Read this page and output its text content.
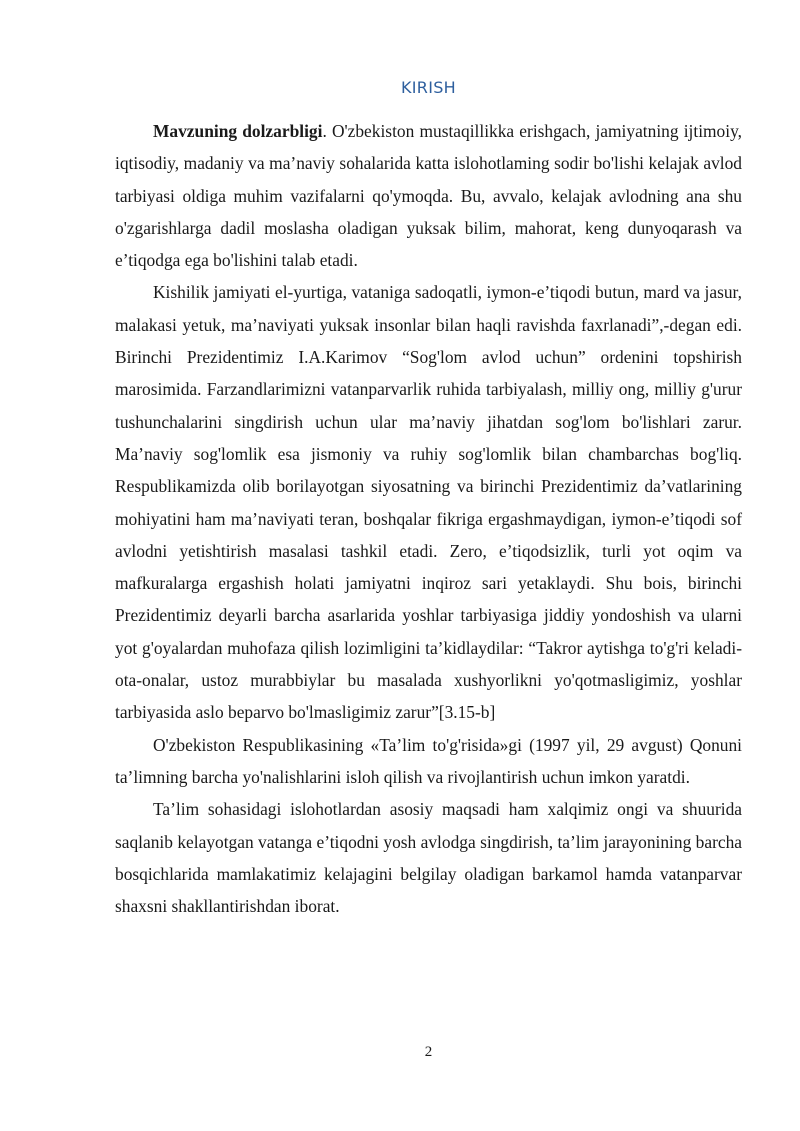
KIRISH

Mavzuning dolzarbligi. O'zbekiston mustaqillikka erishgach, jamiyatning ijtimoiy, iqtisodiy, madaniy va ma’naviy sohalarida katta islohotlaming sodir bo'lishi kelajak avlod tarbiyasi oldiga muhim vazifalarni qo'ymoqda. Bu, avvalo, kelajak avlodning ana shu o'zgarishlarga dadil moslasha oladigan yuksak bilim, mahorat, keng dunyoqarash va e’tiqodga ega bo'lishini talab etadi.

Kishilik jamiyati el-yurtiga, vataniga sadoqatli, iymon-e’tiqodi butun, mard va jasur, malakasi yetuk, ma’naviyati yuksak insonlar bilan haqli ravishda faxrlanadi”,-degan edi. Birinchi Prezidentimiz I.A.Karimov “Sog'lom avlod uchun” ordenini topshirish marosimida. Farzandlarimizni vatanparvarlik ruhida tarbiyalash, milliy ong, milliy g'urur tushunchalarini singdirish uchun ular ma’naviy jihatdan sog'lom bo'lishlari zarur. Ma’naviy sog'lomlik esa jismoniy va ruhiy sog'lomlik bilan chambarchas bog'liq. Respublikamizda olib borilayotgan siyosatning va birinchi Prezidentimiz da’vatlarining mohiyatini ham ma’naviyati teran, boshqalar fikriga ergashmaydigan, iymon-e’tiqodi sof avlodni yetishtirish masalasi tashkil etadi. Zero, e’tiqodsizlik, turli yot oqim va mafkuralarga ergashish holati jamiyatni inqiroz sari yetaklaydi. Shu bois, birinchi Prezidentimiz deyarli barcha asarlarida yoshlar tarbiyasiga jiddiy yondoshish va ularni yot g'oyalardan muhofaza qilish lozimligini ta’kidlaydilar: “Takror aytishga to'g'ri keladi-ota-onalar, ustoz murabbiylar bu masalada xushyorlikni yo'qotmasligimiz, yoshlar tarbiyasida aslo beparvo bo'lmasligimiz zarur”[3.15-b]

O'zbekiston Respublikasining «Ta’lim to'g'risida»gi (1997 yil, 29 avgust) Qonuni ta’limning barcha yo'nalishlarini isloh qilish va rivojlantirish uchun imkon yaratdi.

Ta’lim sohasidagi islohotlardan asosiy maqsadi ham xalqimiz ongi va shuurida saqlanib kelayotgan vatanga e’tiqodni yosh avlodga singdirish, ta’lim jarayonining barcha bosqichlarida mamlakatimiz kelajagini belgilay oladigan barkamol hamda vatanparvar shaxsni shakllantirishdan iborat.

2
